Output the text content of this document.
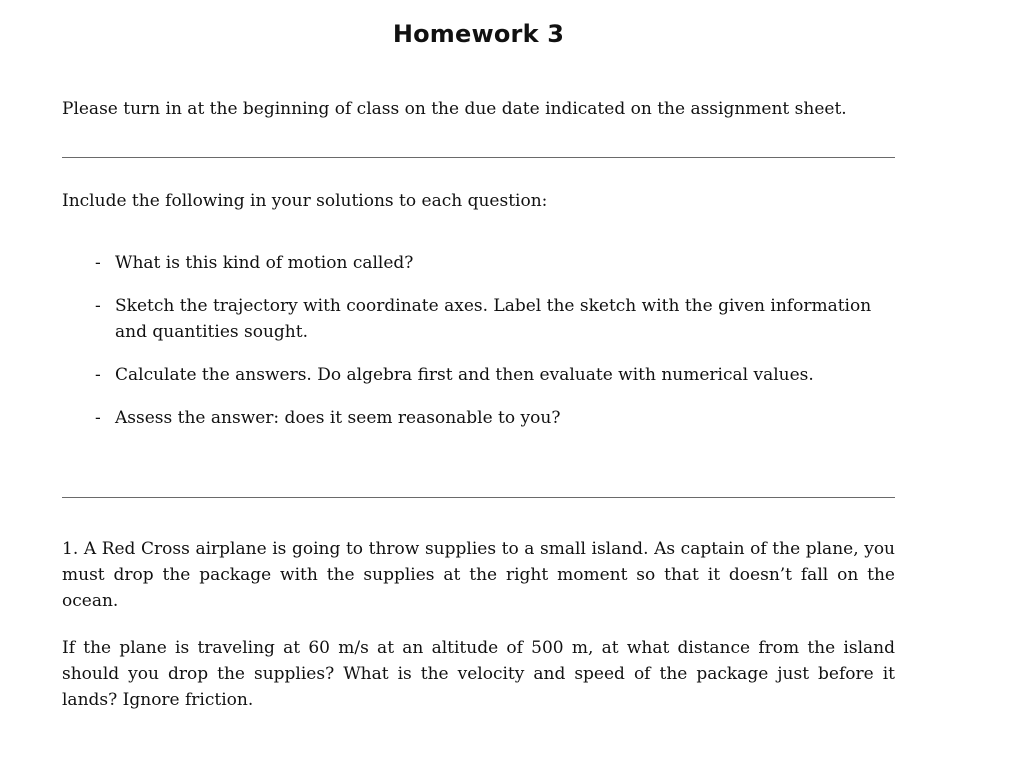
Homework 3
Please turn in at the beginning of class on the due date indicated on the assignment sheet.
Include the following in your solutions to each question:
- What is this kind of motion called?
- Sketch the trajectory with coordinate axes. Label the sketch with the given information and quantities sought.
- Calculate the answers. Do algebra first and then evaluate with numerical values.
- Assess the answer: does it seem reasonable to you?

1. A Red Cross airplane is going to throw supplies to a small island. As captain of the plane, you must drop the package with the supplies at the right moment so that it doesn’t fall on the ocean.

If the plane is traveling at 60 m/s at an altitude of 500 m, at what distance from the island should you drop the supplies? What is the velocity and speed of the package just before it lands? Ignore friction.
